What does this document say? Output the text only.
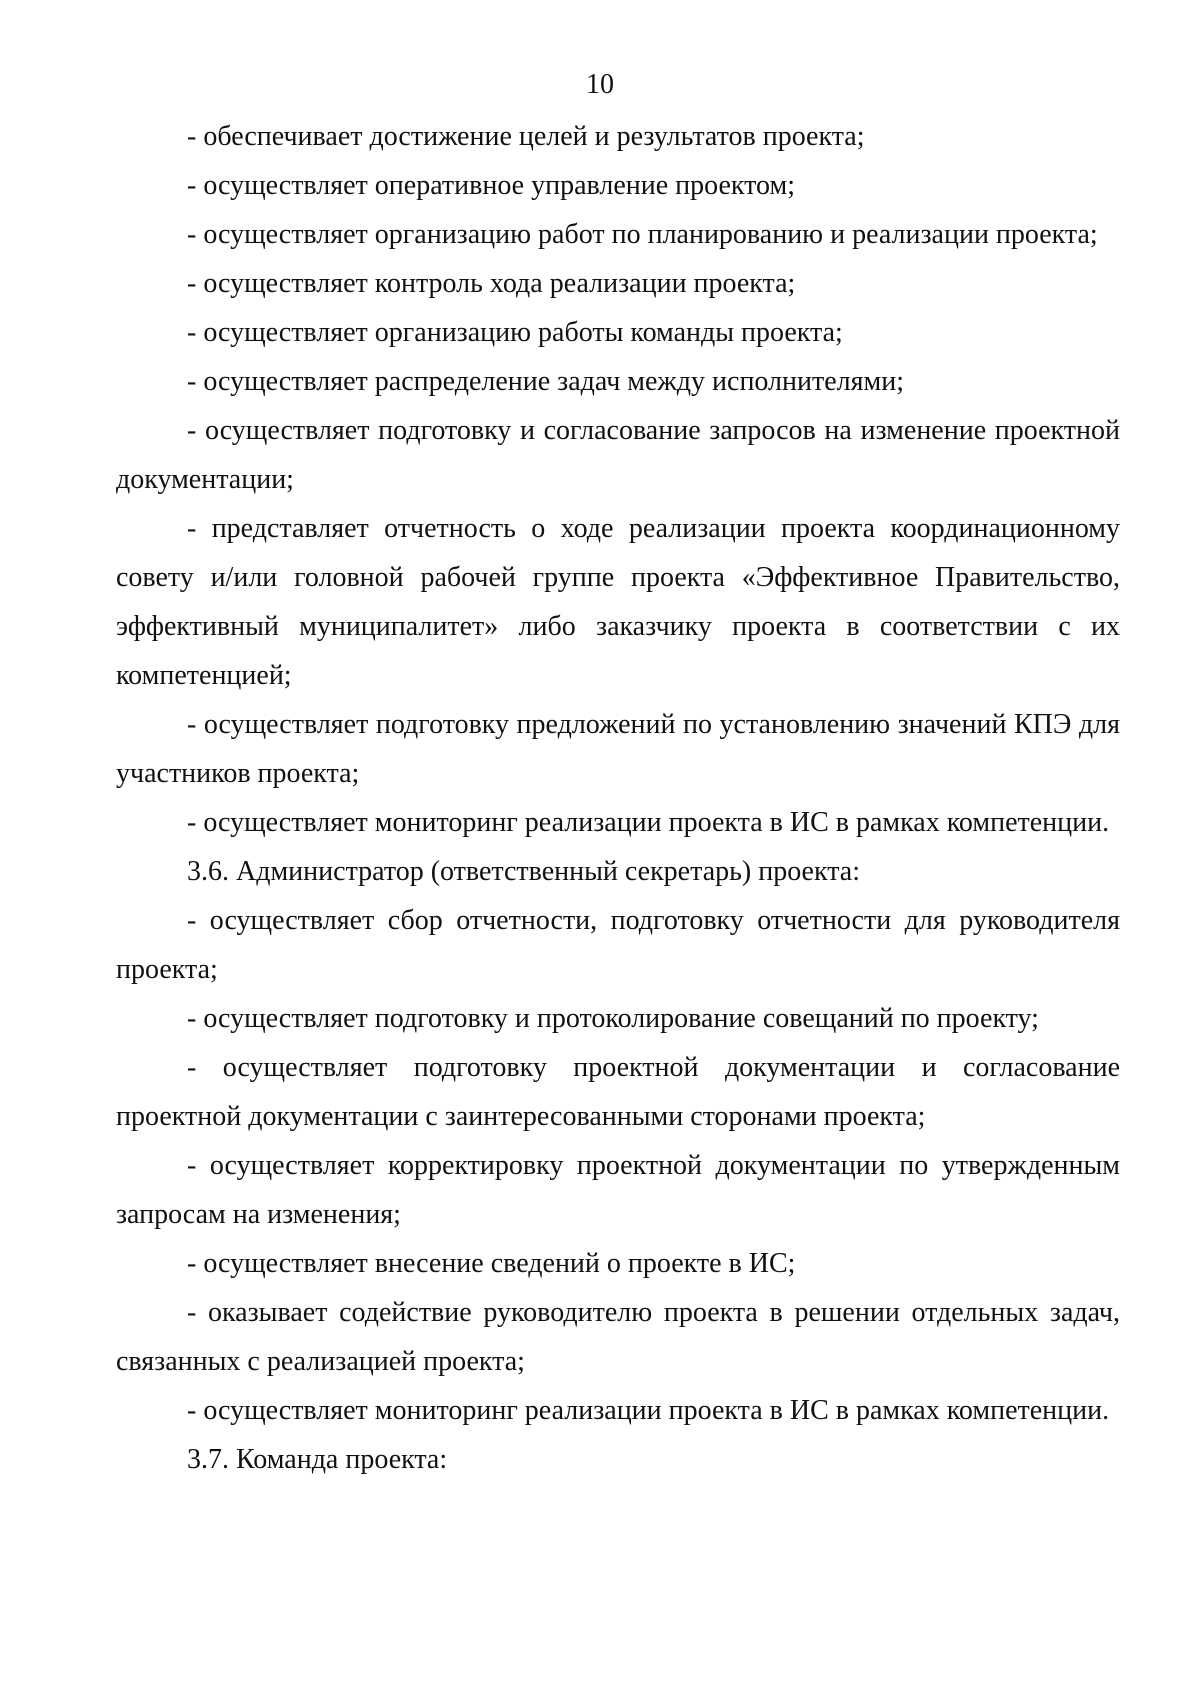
10

- обеспечивает достижение целей и результатов проекта;

- осуществляет оперативное управление проектом;

- осуществляет организацию работ по планированию и реализации проекта;

- осуществляет контроль хода реализации проекта;

- осуществляет организацию работы команды проекта;

- осуществляет распределение задач между исполнителями;

- осуществляет подготовку и согласование запросов на изменение проектной документации;

- представляет отчетность о ходе реализации проекта координационному совету и/или головной рабочей группе проекта «Эффективное Правительство, эффективный муниципалитет» либо заказчику проекта в соответствии с их компетенцией;

- осуществляет подготовку предложений по установлению значений КПЭ для участников проекта;

- осуществляет мониторинг реализации проекта в ИС в рамках компетенции.

3.6. Администратор (ответственный секретарь) проекта:

- осуществляет сбор отчетности, подготовку отчетности для руководителя проекта;

- осуществляет подготовку и протоколирование совещаний по проекту;

- осуществляет подготовку проектной документации и согласование проектной документации с заинтересованными сторонами проекта;

- осуществляет корректировку проектной документации по утвержденным запросам на изменения;

- осуществляет внесение сведений о проекте в ИС;

- оказывает содействие руководителю проекта в решении отдельных задач, связанных с реализацией проекта;

- осуществляет мониторинг реализации проекта в ИС в рамках компетенции.

3.7. Команда проекта:
